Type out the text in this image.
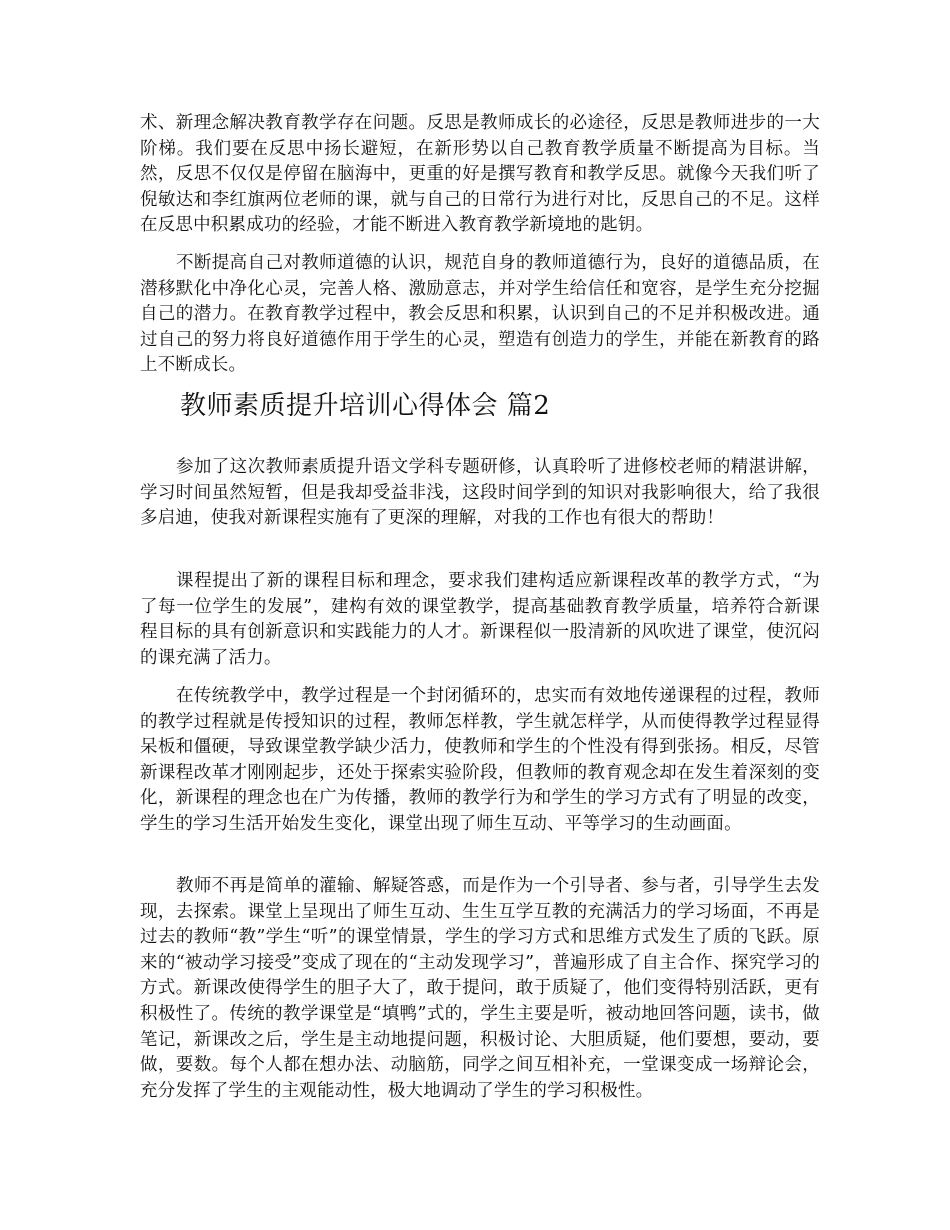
术、新理念解决教育教学存在问题。反思是教师成长的必途径，反思是教师进步的一大阶梯。我们要在反思中扬长避短，在新形势以自己教育教学质量不断提高为目标。当然，反思不仅仅是停留在脑海中，更重的好是撰写教育和教学反思。就像今天我们听了倪敏达和李红旗两位老师的课，就与自己的日常行为进行对比，反思自己的不足。这样在反思中积累成功的经验，才能不断进入教育教学新境地的匙钥。

不断提高自己对教师道德的认识，规范自身的教师道德行为，良好的道德品质，在潜移默化中净化心灵，完善人格、激励意志，并对学生给信任和宽容，是学生充分挖掘自己的潜力。在教育教学过程中，教会反思和积累，认识到自己的不足并积极改进。通过自己的努力将良好道德作用于学生的心灵，塑造有创造力的学生，并能在新教育的路上不断成长。

教师素质提升培训心得体会 篇2

参加了这次教师素质提升语文学科专题研修，认真聆听了进修校老师的精湛讲解，学习时间虽然短暂，但是我却受益非浅，这段时间学到的知识对我影响很大，给了我很多启迪，使我对新课程实施有了更深的理解，对我的工作也有很大的帮助！

课程提出了新的课程目标和理念，要求我们建构适应新课程改革的教学方式，“为了每一位学生的发展”，建构有效的课堂教学，提高基础教育教学质量，培养符合新课程目标的具有创新意识和实践能力的人才。新课程似一股清新的风吹进了课堂，使沉闷的课充满了活力。

在传统教学中，教学过程是一个封闭循环的，忠实而有效地传递课程的过程，教师的教学过程就是传授知识的过程，教师怎样教，学生就怎样学，从而使得教学过程显得呆板和僵硬，导致课堂教学缺少活力，使教师和学生的个性没有得到张扬。相反，尽管新课程改革才刚刚起步，还处于探索实验阶段，但教师的教育观念却在发生着深刻的变化，新课程的理念也在广为传播，教师的教学行为和学生的学习方式有了明显的改变，学生的学习生活开始发生变化，课堂出现了师生互动、平等学习的生动画面。

教师不再是简单的灌输、解疑答惑，而是作为一个引导者、参与者，引导学生去发现，去探索。课堂上呈现出了师生互动、生生互学互教的充满活力的学习场面，不再是过去的教师“教”学生“听”的课堂情景，学生的学习方式和思维方式发生了质的飞跃。原来的“被动学习接受”变成了现在的“主动发现学习”，普遍形成了自主合作、探究学习的方式。新课改使得学生的胆子大了，敢于提问，敢于质疑了，他们变得特别活跃，更有积极性了。传统的教学课堂是“填鸭”式的，学生主要是听，被动地回答问题，读书，做笔记，新课改之后，学生是主动地提问题，积极讨论、大胆质疑，他们要想，要动，要做，要数。每个人都在想办法、动脑筋，同学之间互相补充，一堂课变成一场辩论会，充分发挥了学生的主观能动性，极大地调动了学生的学习积极性。
